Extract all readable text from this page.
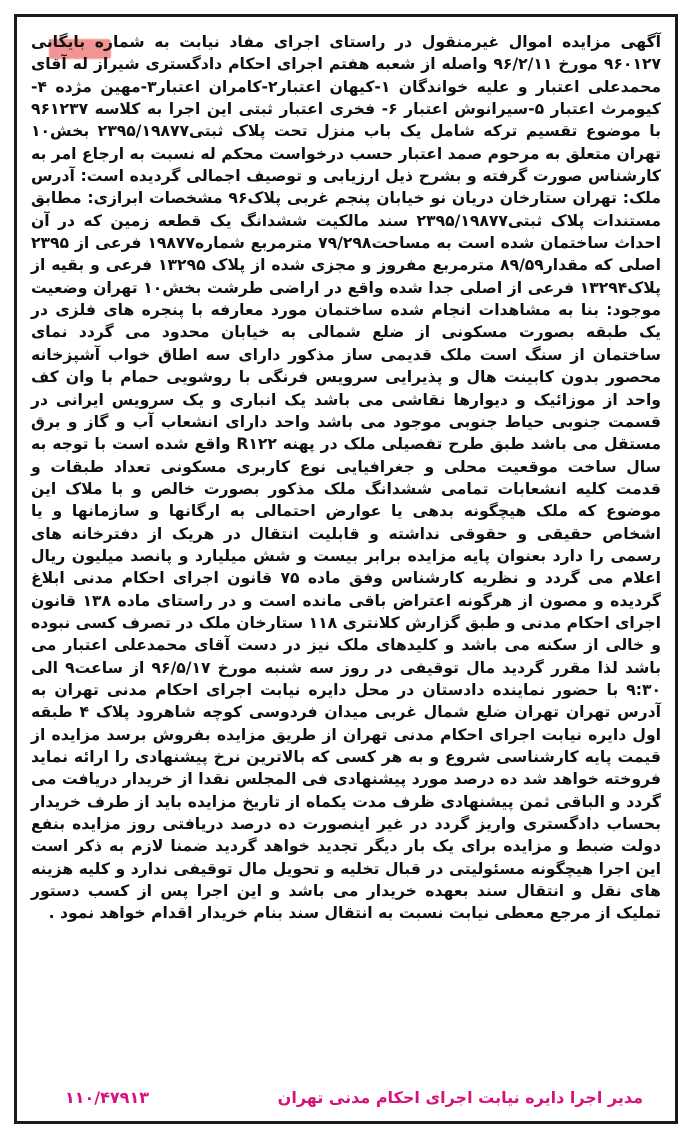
آگهی مزایده اموال غیرمنقول در راستای اجرای مفاد نیابت به شماره بایگانی ۹۶۰۱۲۷ مورخ ۹۶/۲/۱۱ واصله از شعبه هفتم اجرای احکام دادگستری شیراز له آقای محمدعلی اعتبار و علیه خواندگان ۱-کیهان اعتبار۲-کامران اعتبار۳-مهین مژده ۴-کیومرث اعتبار ۵-سیرانوش اعتبار ۶- فخری اعتبار ثبتی این اجرا به کلاسه ۹۶۱۲۳۷ با موضوع تقسیم ترکه شامل یک باب منزل تحت پلاک ثبتی۲۳۹۵/۱۹۸۷۷ بخش۱۰ تهران متعلق به مرحوم صمد اعتبار حسب درخواست محکم له نسبت به ارجاع امر به کارشناس صورت گرفته و بشرح ذیل ارزیابی و توصیف اجمالی گردیده است: آدرس ملک: تهران ستارخان دریان نو خیابان پنجم غربی پلاک۹۶ مشخصات ابرازی: مطابق مستندات پلاک ثبتی۲۳۹۵/۱۹۸۷۷ سند مالکیت ششدانگ یک قطعه زمین که در آن احداث ساختمان شده است به مساحت۷۹/۲۹۸ مترمربع شماره۱۹۸۷۷ فرعی از ۲۳۹۵ اصلی که مقدار۸۹/۵۹ مترمربع مفروز و مجزی شده از پلاک ۱۳۲۹۵ فرعی و بقیه از پلاک۱۳۲۹۴ فرعی از اصلی جدا شده واقع در اراضی طرشت بخش۱۰ تهران وضعیت موجود: بنا به مشاهدات انجام شده ساختمان مورد معارفه با پنجره های فلزی در یک طبقه بصورت مسکونی از ضلع شمالی به خیابان محدود می گردد نمای ساختمان از سنگ است ملک قدیمی ساز مذکور دارای سه اطاق خواب آشپزخانه محصور بدون کابینت هال و پذیرایی سرویس فرنگی با روشویی حمام با وان کف واحد از موزائیک و دیوارها نقاشی می باشد یک انباری و یک سرویس ایرانی در قسمت جنوبی حیاط جنوبی موجود می باشد واحد دارای انشعاب آب و گاز و برق مستقل می باشد طبق طرح تفصیلی ملک در پهنه R۱۲۲ واقع شده است با توجه به سال ساخت موقعیت محلی و جغرافیایی نوع کاربری مسکونی تعداد طبقات و قدمت کلیه انشعابات تمامی ششدانگ ملک مذکور بصورت خالص و با ملاک این موضوع که ملک هیچگونه بدهی یا عوارض احتمالی به ارگانها و سازمانها و یا اشخاص حقیقی و حقوقی نداشته و قابلیت انتقال در هریک از دفترخانه های رسمی را دارد بعنوان پایه مزایده برابر بیست و شش میلیارد و پانصد میلیون ریال اعلام می گردد و نظریه کارشناس وفق ماده ۷۵ قانون اجرای احکام مدنی ابلاغ گردیده و مصون از هرگونه اعتراض باقی مانده است و در راستای ماده ۱۳۸ قانون اجرای احکام مدنی و طبق گزارش کلانتری ۱۱۸ ستارخان ملک در تصرف کسی نبوده و خالی از سکنه می باشد و کلیدهای ملک نیز در دست آقای محمدعلی اعتبار می باشد لذا مقرر گردید مال توقیفی در روز سه شنبه مورخ ۹۶/۵/۱۷ از ساعت۹ الی ۹:۳۰ با حضور نماینده دادستان در محل دایره نیابت اجرای احکام مدنی تهران به آدرس تهران تهران ضلع شمال غربی میدان فردوسی کوچه شاهرود پلاک ۴ طبقه اول دایره نیابت اجرای احکام مدنی تهران از طریق مزایده بفروش برسد مزایده از قیمت پایه کارشناسی شروع و به هر کسی که بالاترین نرخ پیشنهادی را ارائه نماید فروخته خواهد شد ده درصد مورد پیشنهادی فی المجلس نقدا از خریدار دریافت می گردد و الباقی ثمن پیشنهادی ظرف مدت یکماه از تاریخ مزایده باید از طرف خریدار بحساب دادگستری واریز گردد در غیر اینصورت ده درصد دریافتی روز مزایده بنفع دولت ضبط و مزایده برای یک بار دیگر تجدید خواهد گردید ضمنا لازم به ذکر است این اجرا هیچگونه مسئولیتی در قبال تخلیه و تحویل مال توقیفی ندارد و کلیه هزینه های نقل و انتقال سند بعهده خریدار می باشد و این اجرا پس از کسب دستور تملیک از مرجع معطی نیابت نسبت به انتقال سند بنام خریدار اقدام خواهد نمود .
مدیر اجرا دایره نیابت اجرای احکام مدنی تهران
۱۱۰/۴۷۹۱۳
